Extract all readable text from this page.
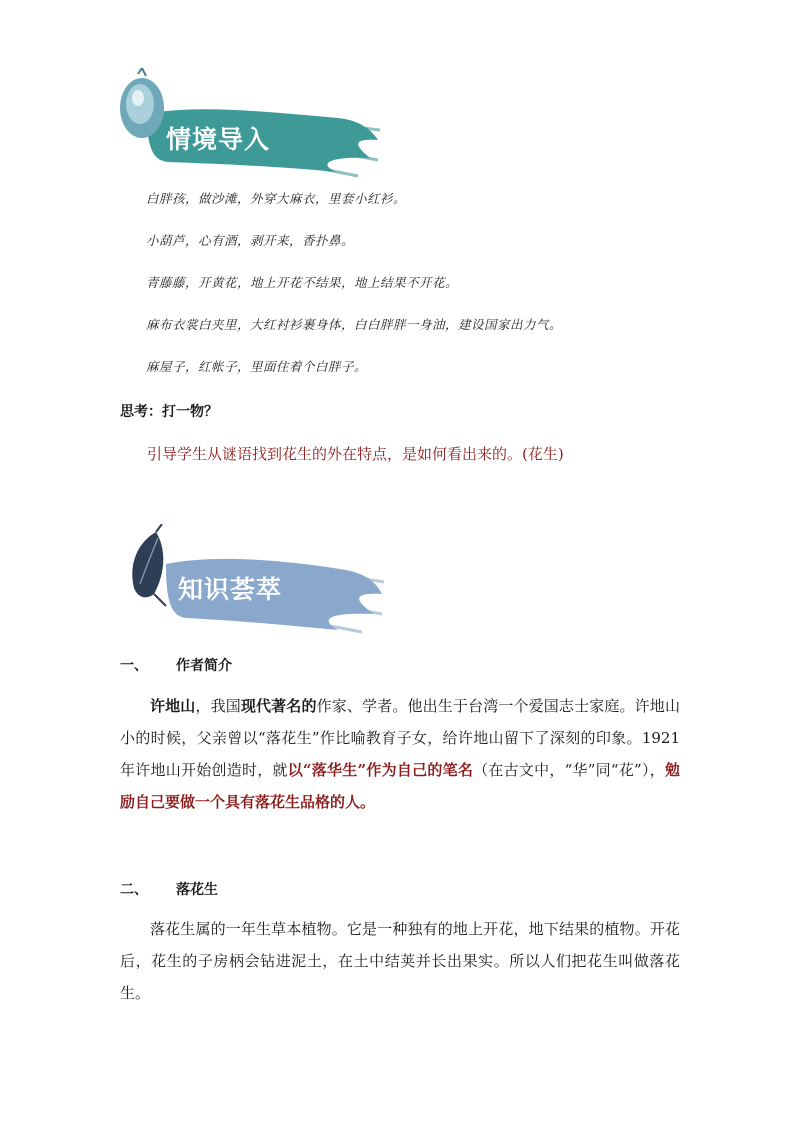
情境导入
白胖孩，做沙滩，外穿大麻衣，里套小红衫。
小葫芦，心有酒，剥开来，香扑鼻。
青藤藤，开黄花，地上开花不结果，地上结果不开花。
麻布衣裳白夹里，大红衬衫裹身体，白白胖胖一身油，建设国家出力气。
麻屋子，红帐子，里面住着个白胖子。
思考：打一物？
引导学生从谜语找到花生的外在特点，是如何看出来的。(花生)
知识荟萃
一、 作者简介
许地山，我国现代著名的作家、学者。他出生于台湾一个爱国志士家庭。许地山小的时候，父亲曾以“落花生”作比喻教育子女，给许地山留下了深刻的印象。1921 年许地山开始创造时，就以“落华生”作为自己的笔名（在古文中，“华”同“花”），勉励自己要做一个具有落花生品格的人。
二、 落花生
落花生属的一年生草本植物。它是一种独有的地上开花，地下结果的植物。开花后，花生的子房柄会钻进泥土，在土中结荚并长出果实。所以人们把花生叫做落花生。
